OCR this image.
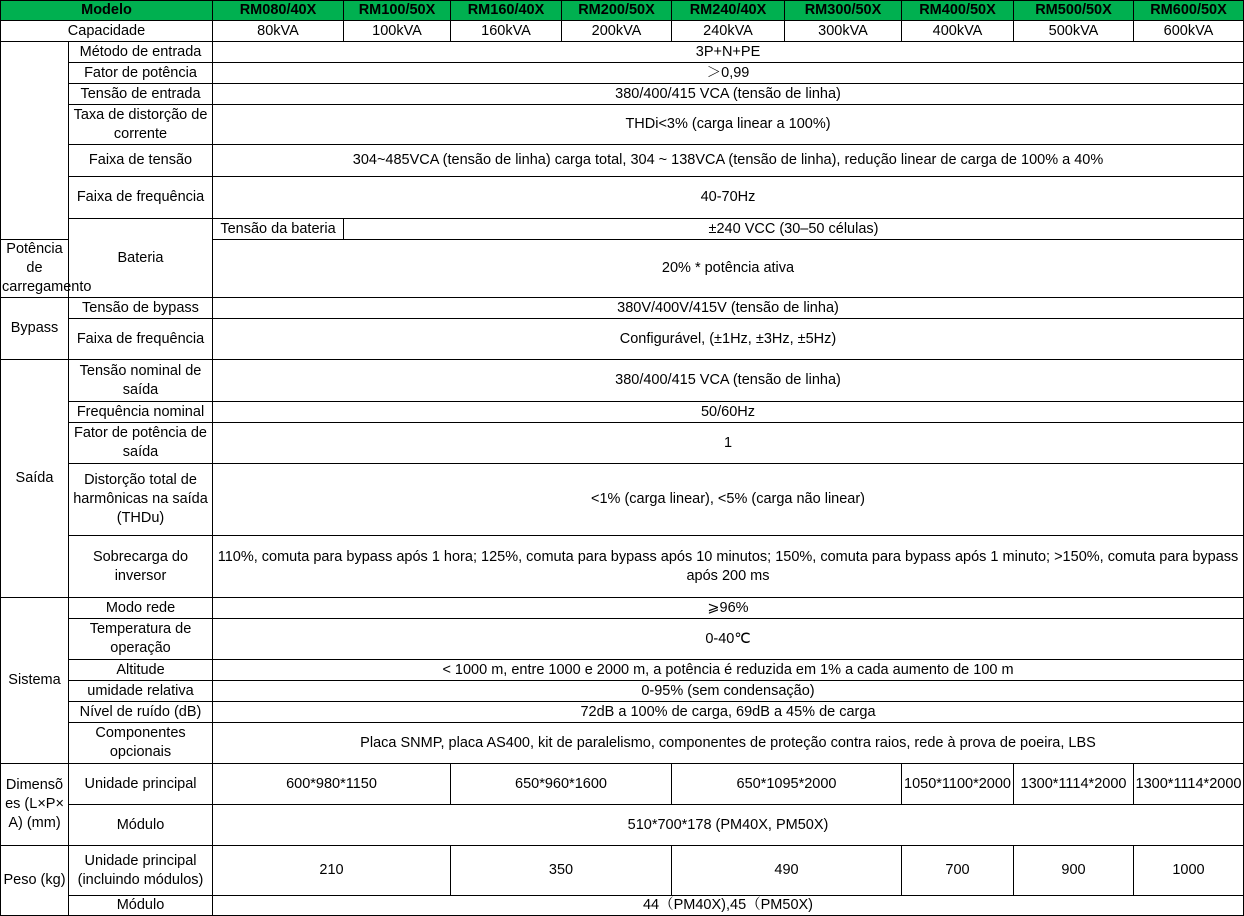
Modelo		RM080/40X	RM100/50X	RM160/40X	RM200/50X	RM240/40X	RM300/50X	RM400/50X	RM500/50X	RM600/50X
Capacidade		80kVA	100kVA	160kVA	200kVA	240kVA	300kVA	400kVA	500kVA	600kVA
	Método de entrada	3P+N+PE								
	Fator de potência	＞0,99								
	Tensão de entrada	380/400/415 VCA (tensão de linha)								
	Taxa de distorção de corrente	THDi<3% (carga linear a 100%)								
	Faixa de tensão	304~485VCA (tensão de linha) carga total, 304 ~ 138VCA (tensão de linha), redução linear de carga de 100% a 40%								
	Faixa de frequência	40-70Hz								
	Bateria	Tensão da bateria	±240 VCC (30–50 células)							
Potência de carregamento		20% * potência ativa								
Bypass	Tensão de bypass	380V/400V/415V (tensão de linha)								
	Faixa de frequência	Configurável, (±1Hz, ±3Hz, ±5Hz)								
Saída	Tensão nominal de saída	380/400/415 VCA (tensão de linha)								
	Frequência nominal	50/60Hz								
	Fator de potência de saída	1								
	Distorção total de harmônicas na saída (THDu)	<1% (carga linear), <5% (carga não linear)								
	Sobrecarga do inversor	110%, comuta para bypass após 1 hora; 125%, comuta para bypass após 10 minutos; 150%, comuta para bypass após 1 minuto; >150%, comuta para bypass após 200 ms								
Sistema	Modo rede	⩾96%								
	Temperatura de operação	0-40℃								
	Altitude	< 1000 m, entre 1000 e 2000 m, a potência é reduzida em 1% a cada aumento de 100 m								
	umidade relativa	0-95% (sem condensação)								
	Nível de ruído (dB)	72dB a 100% de carga, 69dB a 45% de carga								
	Componentes opcionais	Placa SNMP, placa AS400, kit de paralelismo, componentes de proteção contra raios, rede à prova de poeira, LBS								
Dimensões (L×P×A) (mm)	Unidade principal	600*980*1150		650*960*1600		650*1095*2000		1050*1100*2000	1300*1114*2000	1300*1114*2000
	Módulo	510*700*178 (PM40X, PM50X)								
Peso (kg)	Unidade principal (incluindo módulos)	210		350		490		700	900	1000
	Módulo	44（PM40X),45（PM50X)								
